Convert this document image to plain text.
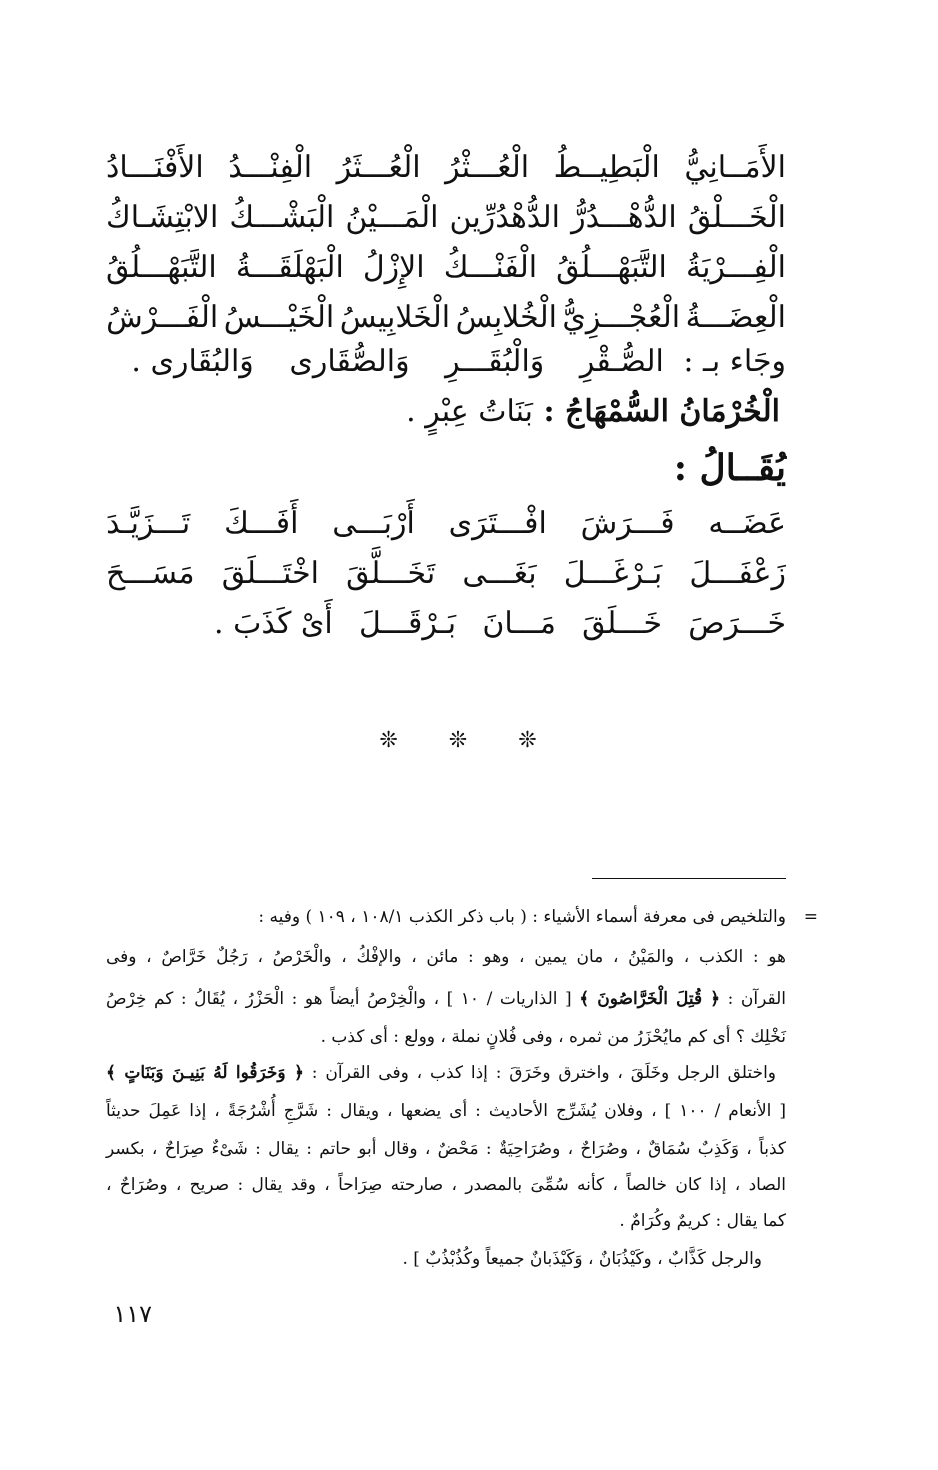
الأَمَــانِيُّ
الْبَطِيــطُ
الْعُـــثْرُ
الْعُـــثَرُ
الْفِنْـــدُ
الأَفْنَـــادُ
الْخَـــلْقُ
الدُّهْـــدُرُّ
الدُّهْدُرِّين
الْمَـــيْنُ
الْبَشْـــكُ
الابْتِشَـاكُ
الْفِـــرْيَةُ
التَّبَهْـــلُقُ
الْفَنْـــكُ
الإِزْلُ
الْبَهْلَقَـــةُ
التَّبَهْـــلُقُ
الْعِضَـــةُ
الْعُجْـــزِيُّ
الْخُلابِسُ
الْخَلابِيسُ
الْخَيْـــسُ
الْفَـــرْشُ
وجَاء بـ : الصُّـقْرِ وَالْبُقَـــرِ وَالصُّقَارى وَالبُقَارى .
الْخُرْمَانُ السُّمْهَاجُ : بَنَاتُ عِبْرٍ .
يُقَــالُ :
عَضَــه
فَـــرَشَ
افْـــتَرَى
أَرْبَـــى
أَفَـــكَ
تَـــزَيَّـدَ
زَعْفَـــلَ
بَـرْغَـــلَ
بَغَـــى
تَخَـــلَّقَ
اخْتَـــلَقَ
مَسَـــحَ
خَـــرَصَ
خَـــلَقَ
مَـــانَ
بَـرْقَـــلَ
أَىْ كَذَبَ .
❊ ❊ ❊
=
والتلخيص فى معرفة أسماء الأشياء : ( باب ذكر الكذب ١٠٨/١ ، ١٠٩ ) وفيه :
هو : الكذب ، والمَيْنُ ، مان يمين ، وهو : مائن ، والإفْكُ ، والْخَرْصُ ، رَجُلٌ خَرَّاصٌ ، وفى
القرآن : ﴿ قُتِلَ الْخَرَّاصُونَ ﴾ [ الذاريات / ١٠ ] ، والْخِرْصُ أيضاً هو : الْحَزْرُ ، يُقَالُ : كم خِرْصُ
نَخْلِك ؟ أى كم مايُحْزَرُ من ثمره ، وفى فُلانٍ نملة ، وولع : أى كذب .
واختلق الرجل وخَلَقَ ، واخترق وخَرَقَ : إذا كذب ، وفى القرآن : ﴿ وَخَرَقُوا لَهُ بَنِيـنَ وَبَنَاتٍ ﴾
[ الأنعام / ١٠٠ ] ، وفلان يُشَرِّج الأحاديث : أى يضعها ، ويقال : شَرَّجِ أُشْرُجَةً ، إذا عَمِلَ حديثاً
كذباً ، وَكَذِبٌ سُمَاقٌ ، وصُرَاحٌ ، وصُرَاحِيَةٌ : مَحْضٌ ، وقال أبو حاتم : يقال : شَىْءٌ صِرَاحٌ ، بكسر
الصاد ، إذا كان خالصاً ، كأنه سُمِّىَ بالمصدر ، صارحته صِرَاحاً ، وقد يقال : صريح ، وصُرَاحٌ ،
كما يقال : كريمٌ وكُرَامٌ .
والرجل كَذَّابٌ ، وكَيْذُبَانٌ ، وَكَيْذَبانٌ جميعاً وكُذُبْذُبٌ ] .
١١٧
